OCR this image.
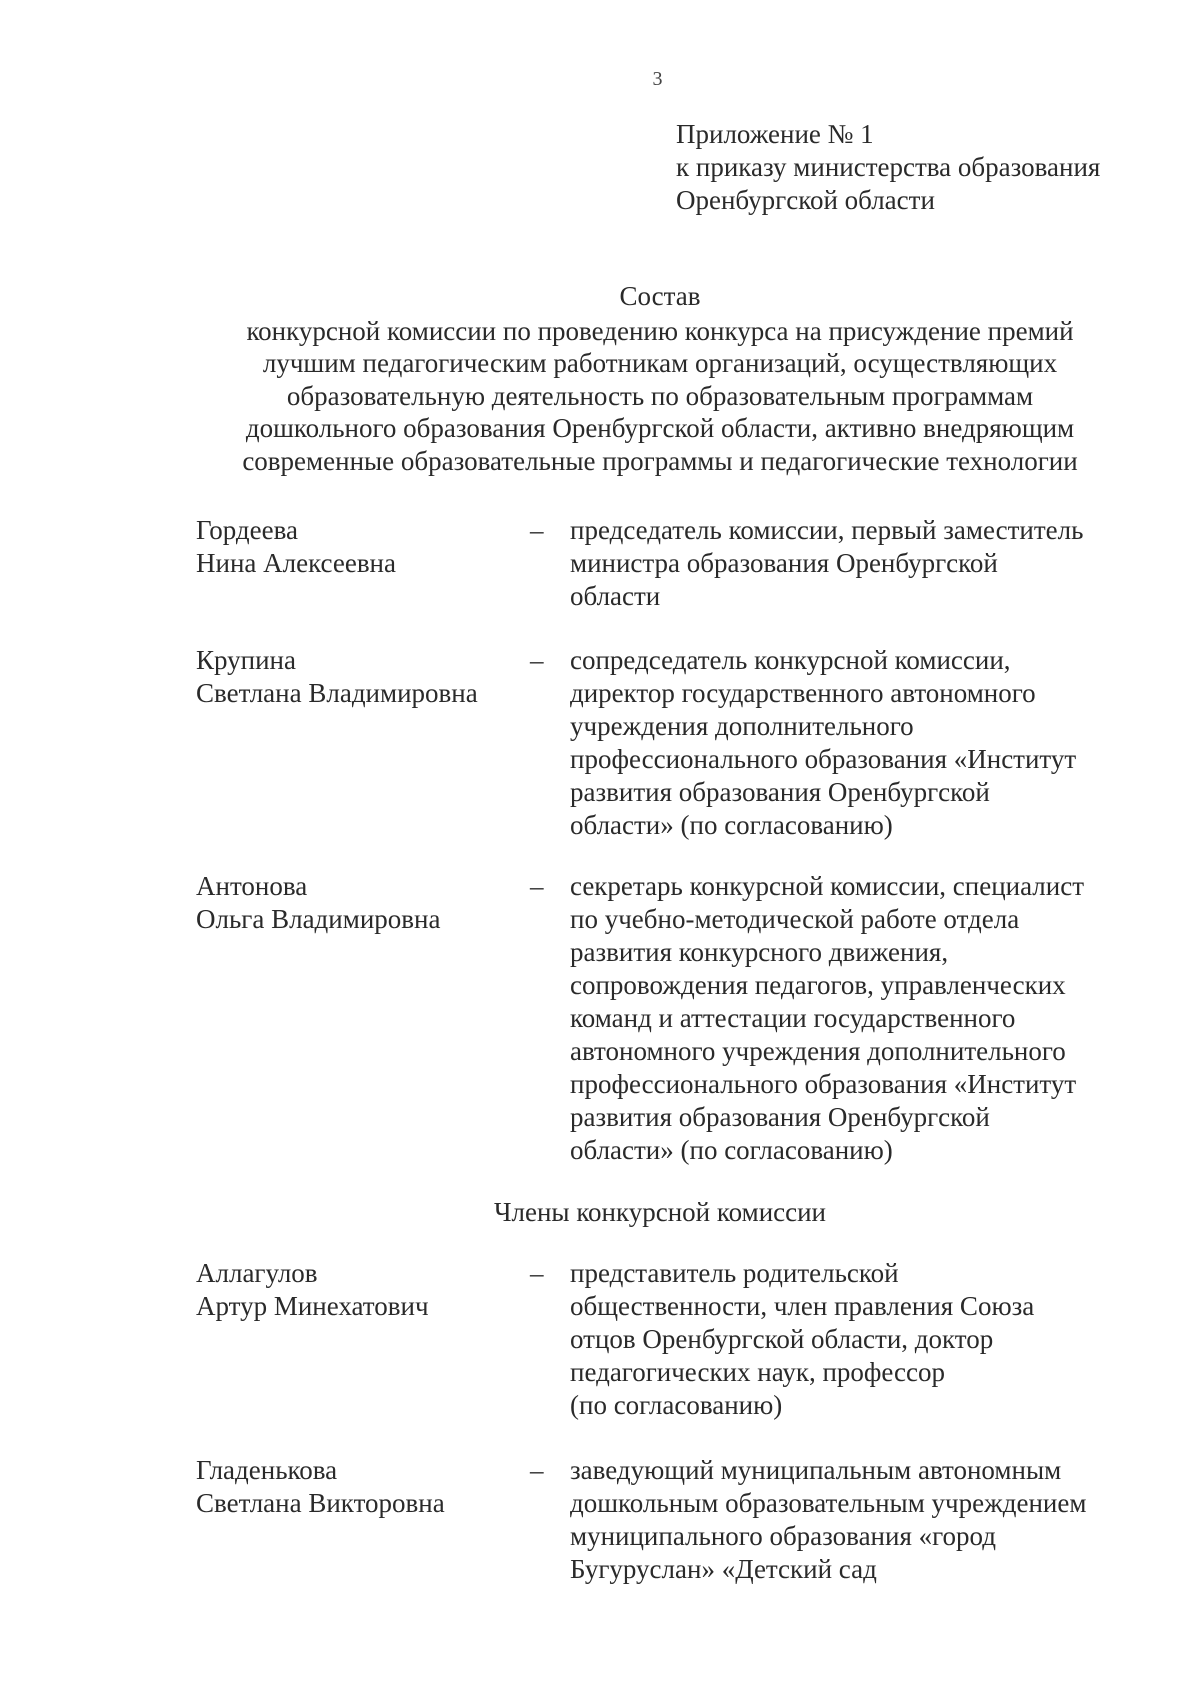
3
Приложение № 1
к приказу министерства образования
Оренбургской области
Состав
конкурсной комиссии по проведению конкурса на присуждение премий
лучшим педагогическим работникам организаций, осуществляющих
образовательную деятельность по образовательным программам
дошкольного образования Оренбургской области, активно внедряющим
современные образовательные программы и педагогические технологии
Гордеева
Нина Алексеевна
– председатель комиссии, первый заместитель
министра образования Оренбургской
области
Крупина
Светлана Владимировна
– сопредседатель конкурсной комиссии,
директор государственного автономного
учреждения дополнительного
профессионального образования «Институт
развития образования Оренбургской
области» (по согласованию)
Антонова
Ольга Владимировна
– секретарь конкурсной комиссии, специалист
по учебно-методической работе отдела
развития конкурсного движения,
сопровождения педагогов, управленческих
команд и аттестации государственного
автономного учреждения дополнительного
профессионального образования «Институт
развития образования Оренбургской
области» (по согласованию)
Члены конкурсной комиссии
Аллагулов
Артур Минехатович
– представитель родительской
общественности, член правления Союза
отцов Оренбургской области, доктор
педагогических наук, профессор
(по согласованию)
Гладенькова
Светлана Викторовна
– заведующий муниципальным автономным
дошкольным образовательным учреждением
муниципального образования «город
Бугуруслан» «Детский сад
